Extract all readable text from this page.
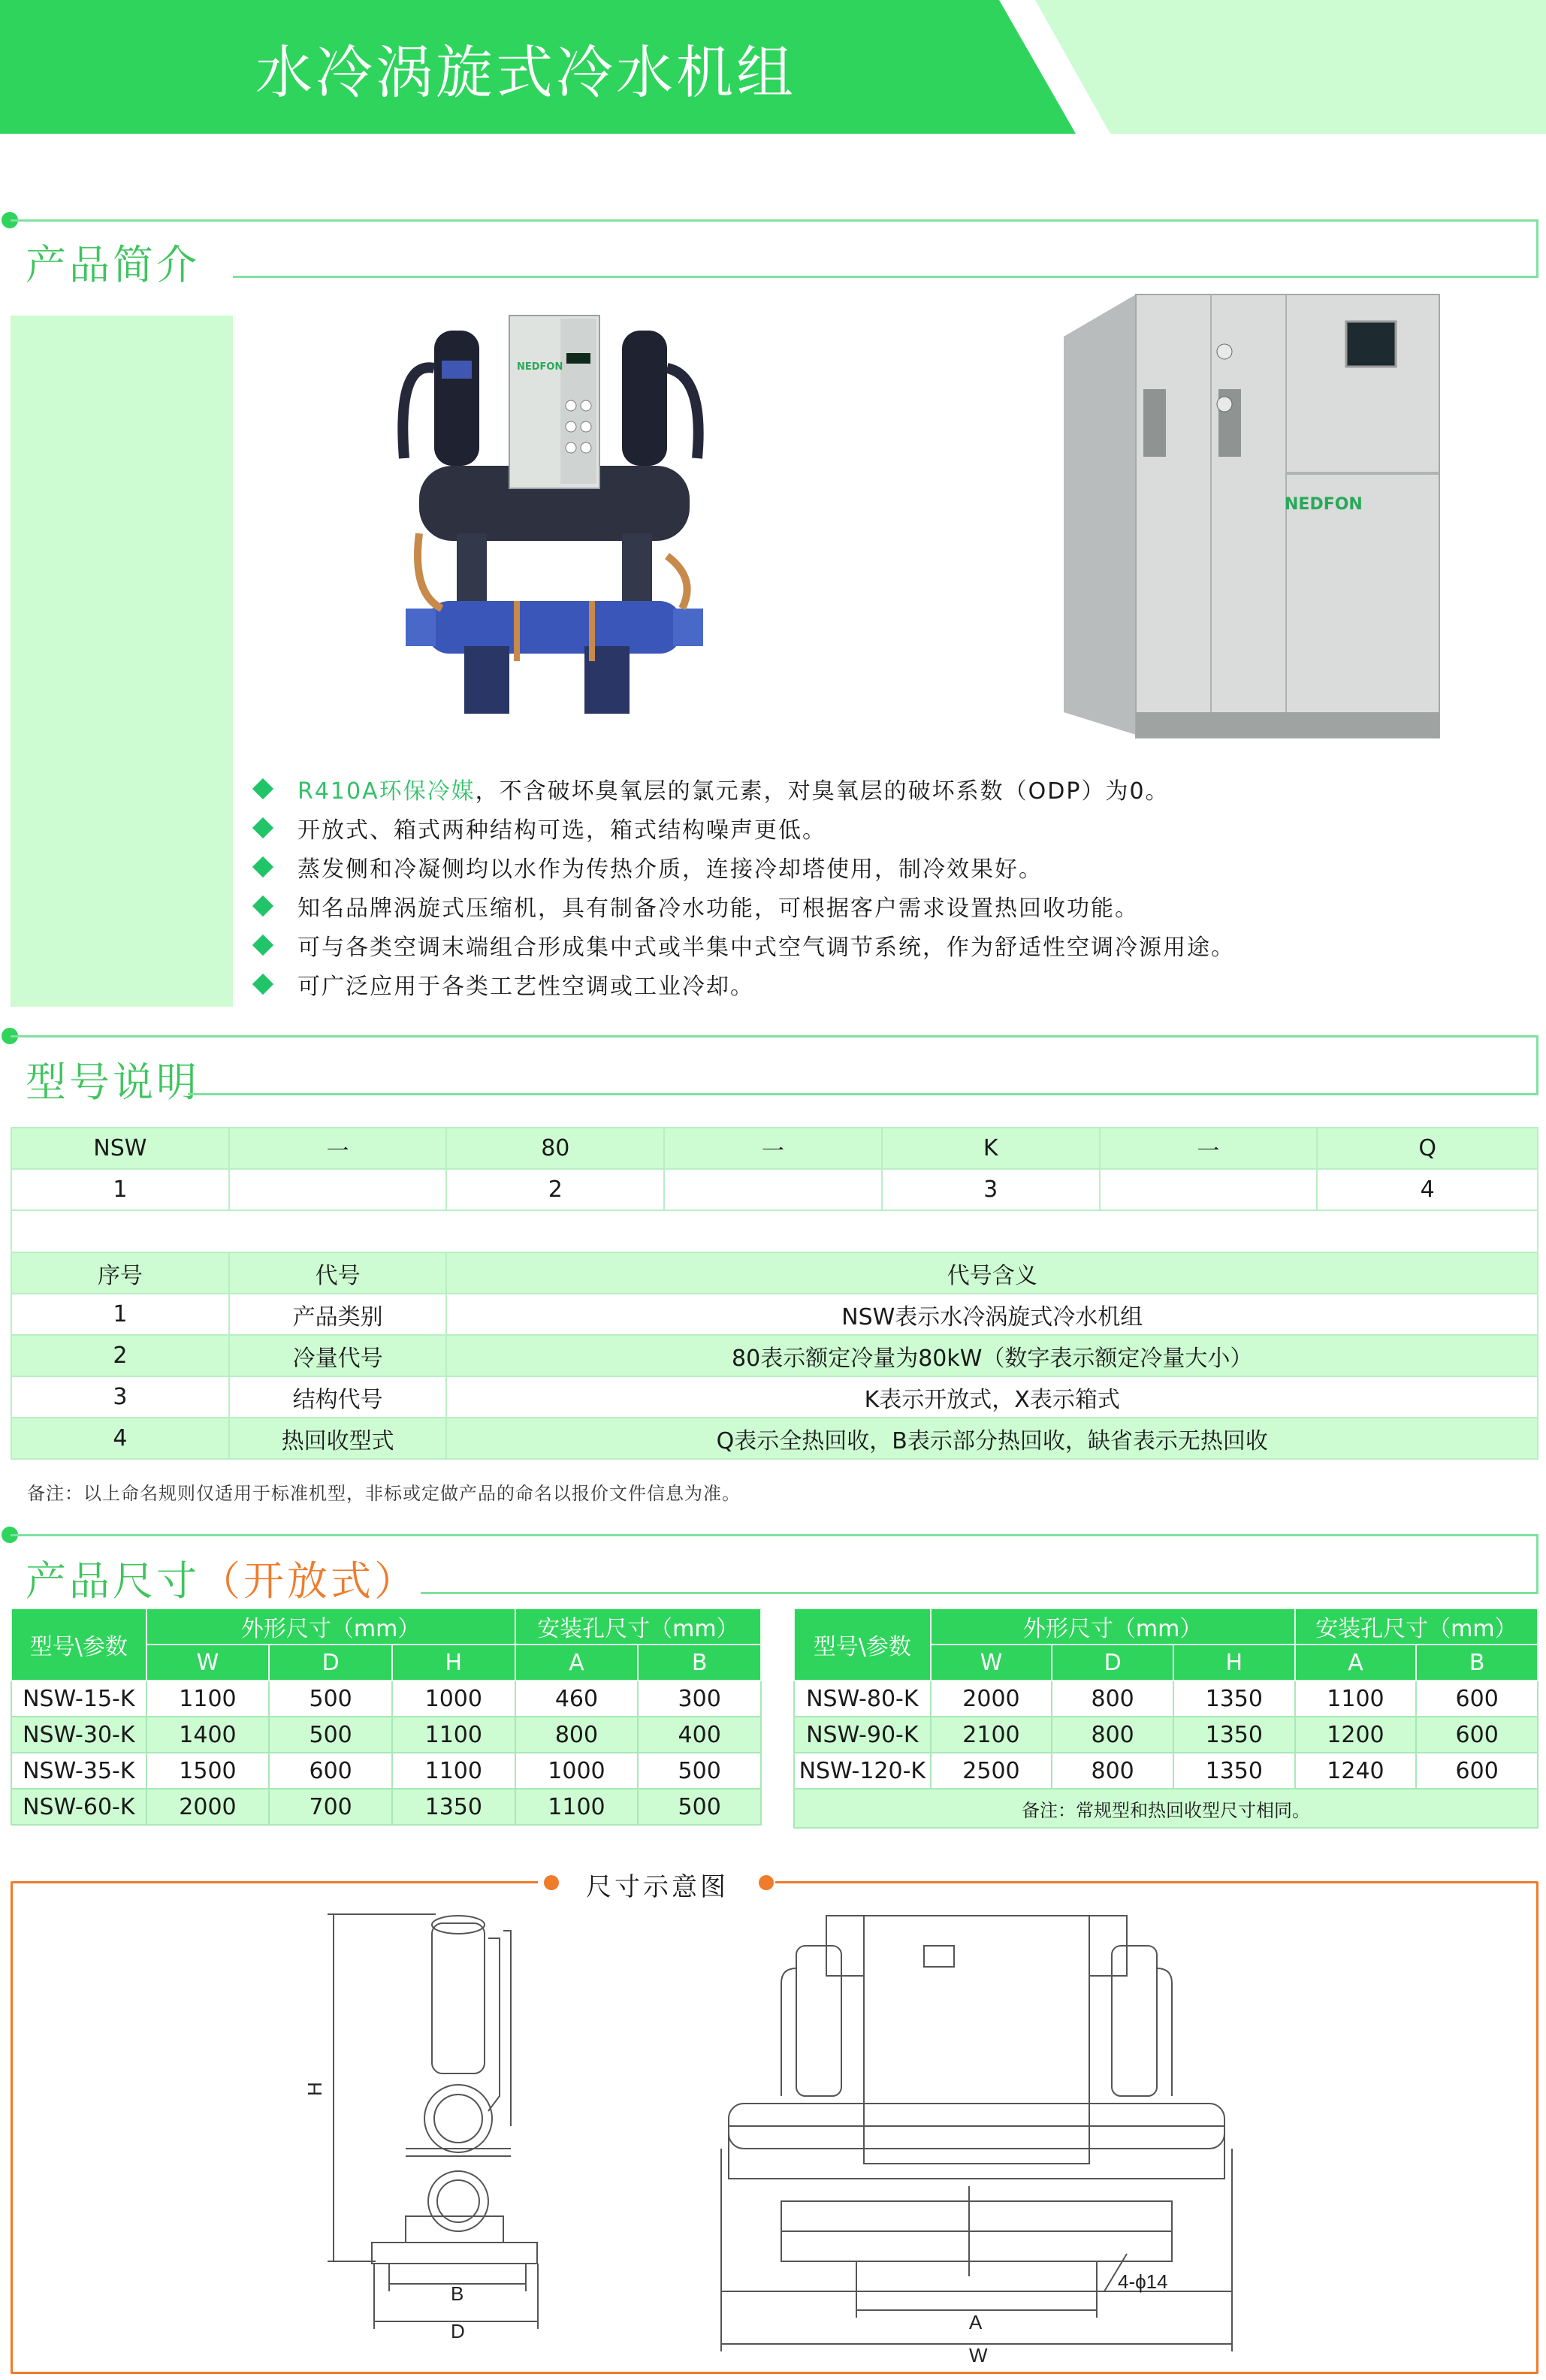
水冷涡旋式冷水机组
产品简介
NEDFON
NEDFON
R410A环保冷媒 ，不含破坏臭氧层的氯元素，对臭氧层的破坏系数（ODP）为0。
开放式、箱式两种结构可选，箱式结构噪声更低。
蒸发侧和冷凝侧均以水作为传热介质，连接冷却塔使用，制冷效果好。
知名品牌涡旋式压缩机，具有制备冷水功能，可根据客户需求设置热回收功能。
可与各类空调末端组合形成集中式或半集中式空气调节系统，作为舒适性空调冷源用途。
可广泛应用于各类工艺性空调或工业冷却。
型号说明
NSW	一	80	一	K	一	Q
1		2		3		4

序号	代号	代号含义				
1	产品类别	NSW表示水冷涡旋式冷水机组				
2	冷量代号	80表示额定冷量为80kW（数字表示额定冷量大小）				
3	结构代号	K表示开放式，X表示箱式				
4	热回收型式	Q表示全热回收，B表示部分热回收，缺省表示无热回收				
备注：以上命名规则仅适用于标准机型，非标或定做产品的命名以报价文件信息为准。
产品尺寸（开放式）
型号\参数	外形尺寸（mm）			安装孔尺寸（mm）	
	W	D	H	A	B
NSW-15-K	1100	500	1000	460	300
NSW-30-K	1400	500	1100	800	400
NSW-35-K	1500	600	1100	1000	500
NSW-60-K	2000	700	1350	1100	500
型号\参数	外形尺寸（mm）			安装孔尺寸（mm）	
	W	D	H	A	B
NSW-80-K	2000	800	1350	1100	600
NSW-90-K	2100	800	1350	1200	600
NSW-120-K	2500	800	1350	1240	600
备注：常规型和热回收型尺寸相同。					
尺寸示意图
H
B
D	A
W
4-ϕ14
